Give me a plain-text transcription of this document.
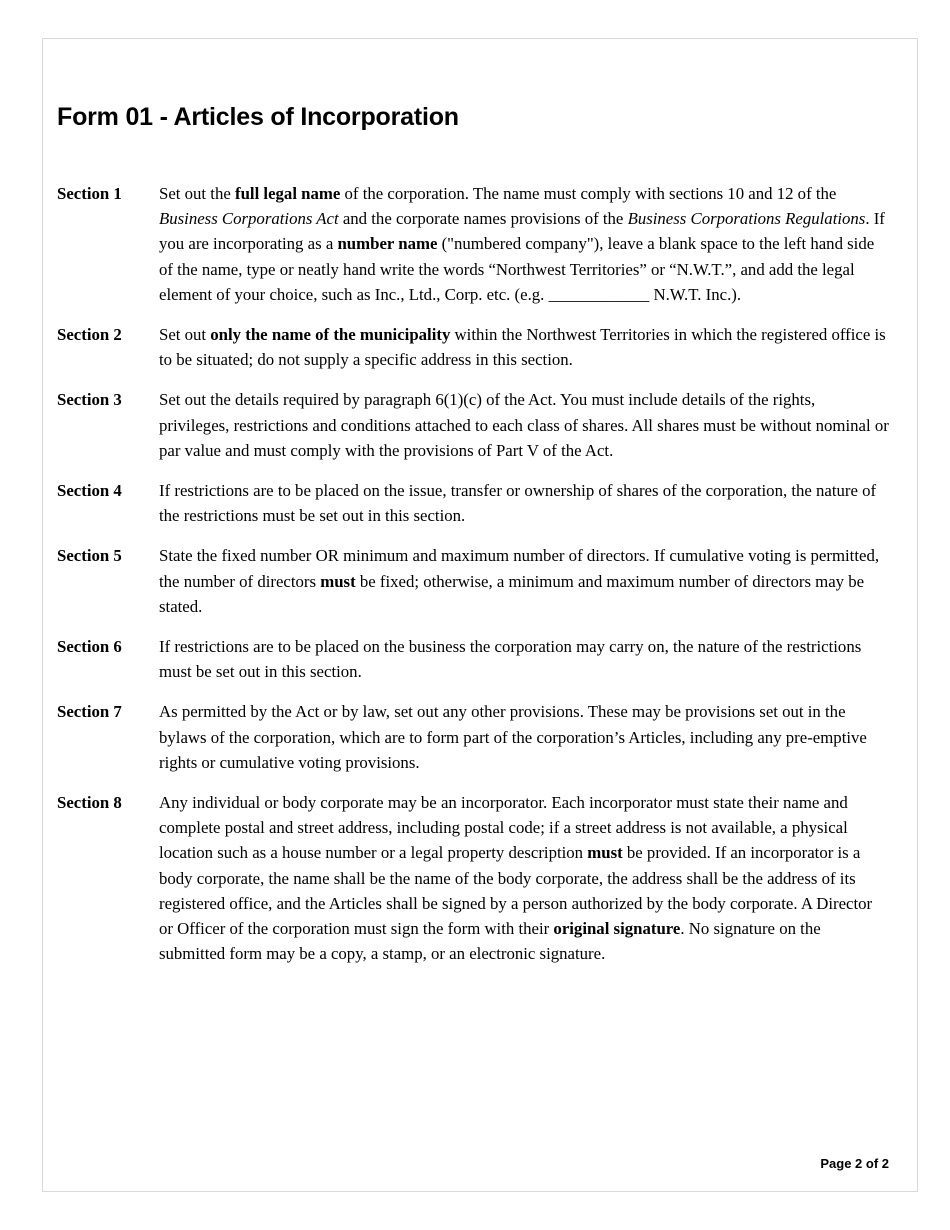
Form 01 - Articles of Incorporation
Section 1	Set out the full legal name of the corporation. The name must comply with sections 10 and 12 of the Business Corporations Act and the corporate names provisions of the Business Corporations Regulations. If you are incorporating as a number name ("numbered company"), leave a blank space to the left hand side of the name, type or neatly hand write the words “Northwest Territories” or “N.W.T.”, and add the legal element of your choice, such as Inc., Ltd., Corp. etc. (e.g. ____________ N.W.T. Inc.).
Section 2	Set out only the name of the municipality within the Northwest Territories in which the registered office is to be situated; do not supply a specific address in this section.
Section 3	Set out the details required by paragraph 6(1)(c) of the Act. You must include details of the rights, privileges, restrictions and conditions attached to each class of shares. All shares must be without nominal or par value and must comply with the provisions of Part V of the Act.
Section 4	If restrictions are to be placed on the issue, transfer or ownership of shares of the corporation, the nature of the restrictions must be set out in this section.
Section 5	State the fixed number OR minimum and maximum number of directors. If cumulative voting is permitted, the number of directors must be fixed; otherwise, a minimum and maximum number of directors may be stated.
Section 6	If restrictions are to be placed on the business the corporation may carry on, the nature of the restrictions must be set out in this section.
Section 7	As permitted by the Act or by law, set out any other provisions. These may be provisions set out in the bylaws of the corporation, which are to form part of the corporation’s Articles, including any pre-emptive rights or cumulative voting provisions.
Section 8	Any individual or body corporate may be an incorporator. Each incorporator must state their name and complete postal and street address, including postal code; if a street address is not available, a physical location such as a house number or a legal property description must be provided. If an incorporator is a body corporate, the name shall be the name of the body corporate, the address shall be the address of its registered office, and the Articles shall be signed by a person authorized by the body corporate. A Director or Officer of the corporation must sign the form with their original signature. No signature on the submitted form may be a copy, a stamp, or an electronic signature.
Page 2 of 2
